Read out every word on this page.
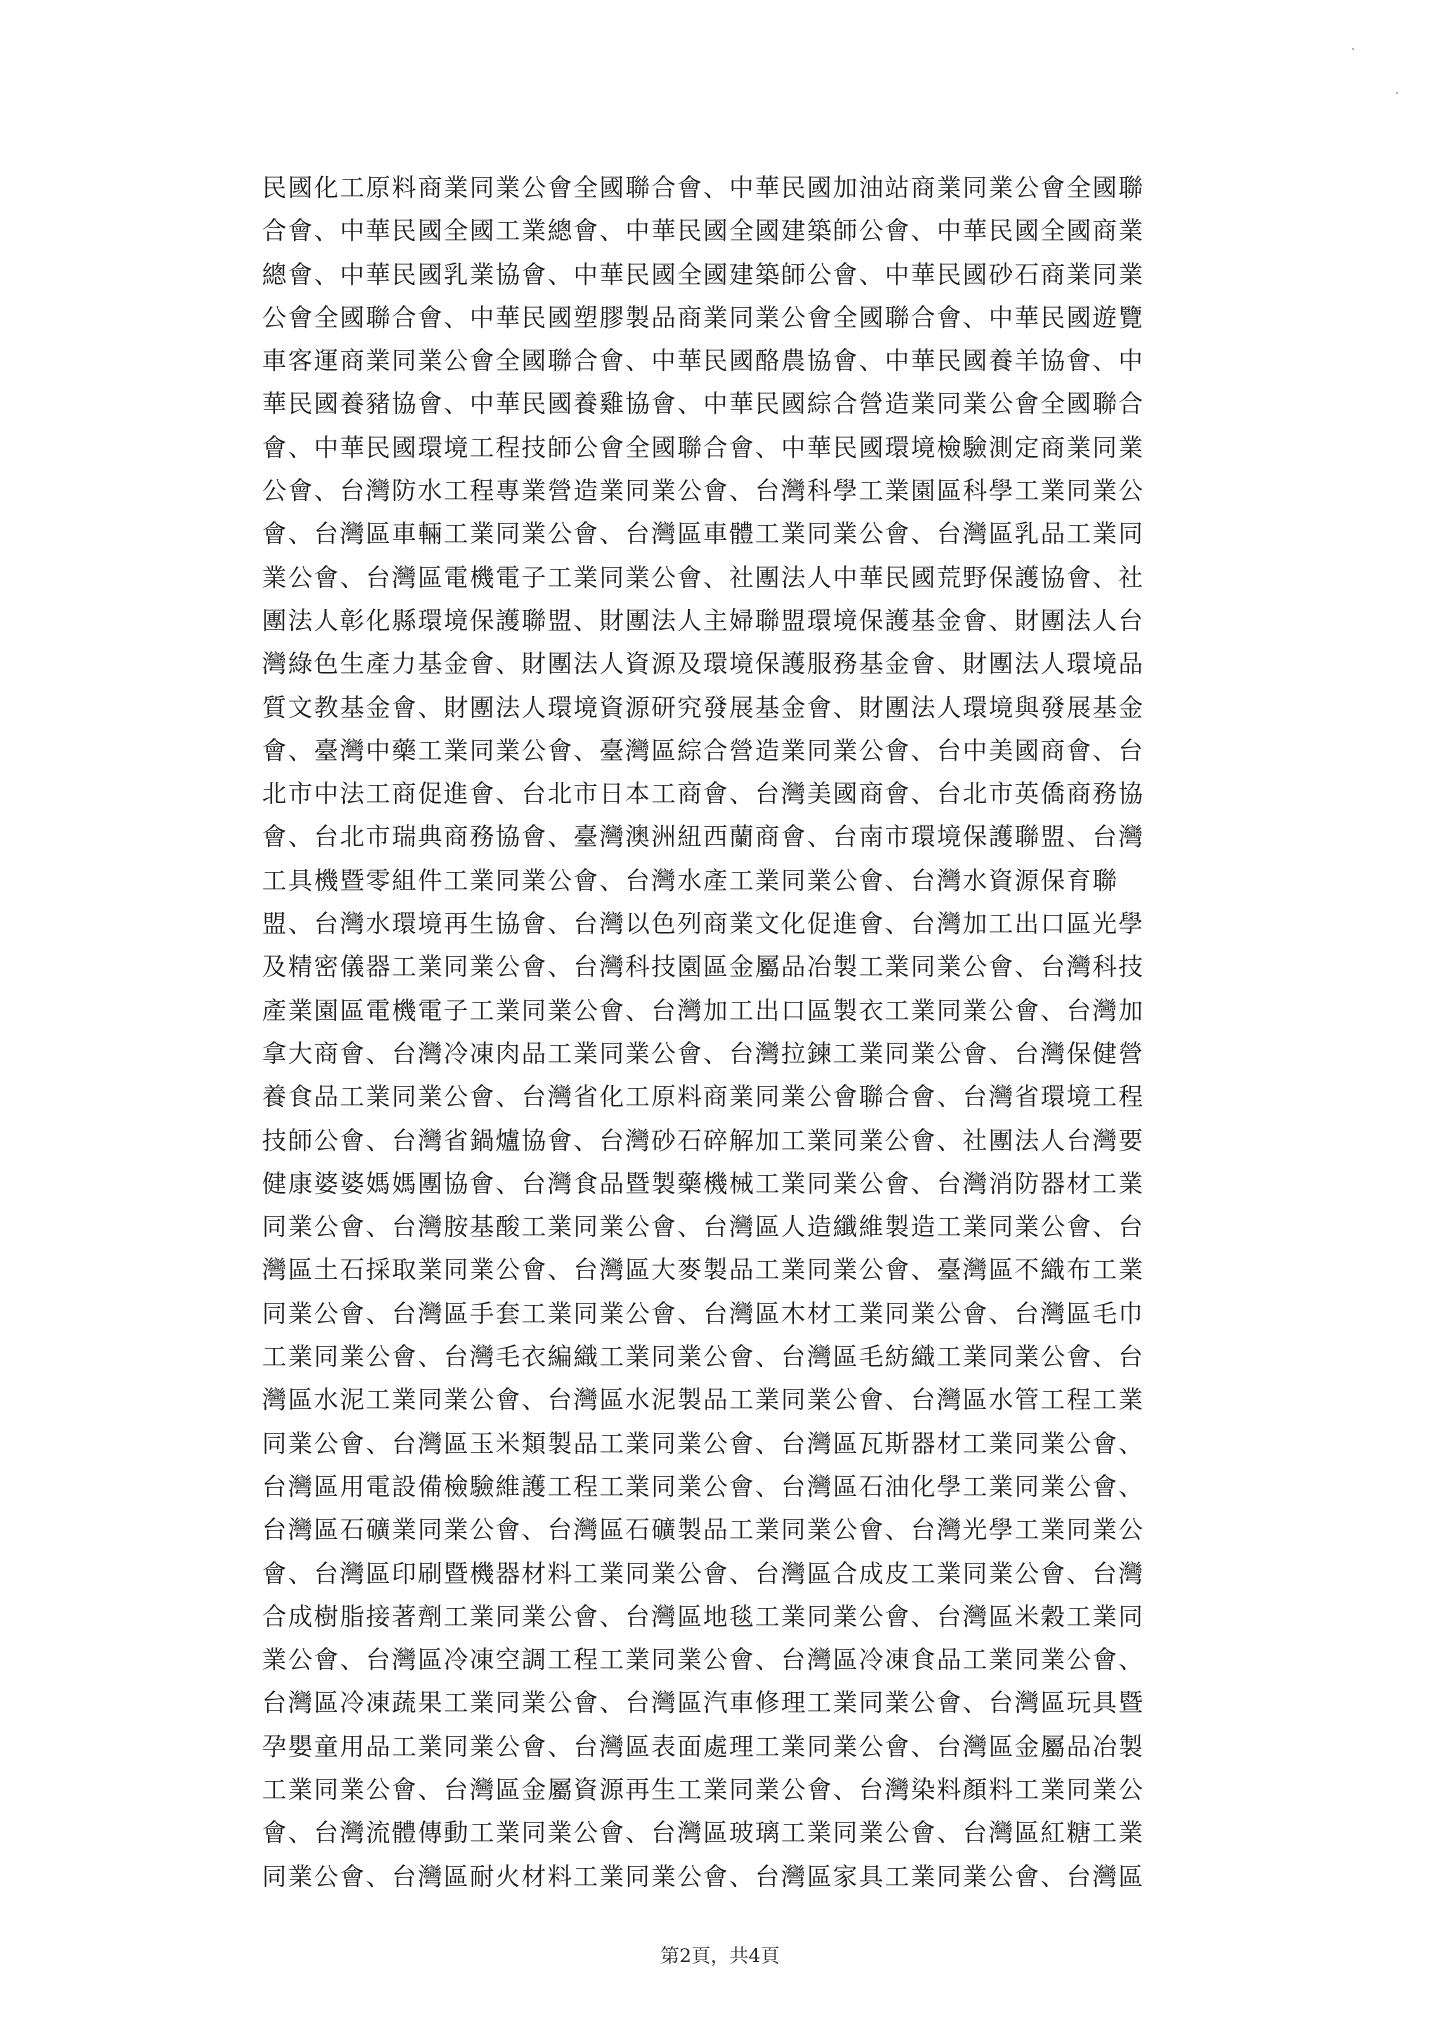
民國化工原料商業同業公會全國聯合會、中華民國加油站商業同業公會全國聯
合會、中華民國全國工業總會、中華民國全國建築師公會、中華民國全國商業
總會、中華民國乳業協會、中華民國全國建築師公會、中華民國砂石商業同業
公會全國聯合會、中華民國塑膠製品商業同業公會全國聯合會、中華民國遊覽
車客運商業同業公會全國聯合會、中華民國酪農協會、中華民國養羊協會、中
華民國養豬協會、中華民國養雞協會、中華民國綜合營造業同業公會全國聯合
會、中華民國環境工程技師公會全國聯合會、中華民國環境檢驗測定商業同業
公會、台灣防水工程專業營造業同業公會、台灣科學工業園區科學工業同業公
會、台灣區車輛工業同業公會、台灣區車體工業同業公會、台灣區乳品工業同
業公會、台灣區電機電子工業同業公會、社團法人中華民國荒野保護協會、社
團法人彰化縣環境保護聯盟、財團法人主婦聯盟環境保護基金會、財團法人台
灣綠色生產力基金會、財團法人資源及環境保護服務基金會、財團法人環境品
質文教基金會、財團法人環境資源研究發展基金會、財團法人環境與發展基金
會、臺灣中藥工業同業公會、臺灣區綜合營造業同業公會、台中美國商會、台
北市中法工商促進會、台北市日本工商會、台灣美國商會、台北市英僑商務協
會、台北市瑞典商務協會、臺灣澳洲紐西蘭商會、台南市環境保護聯盟、台灣
工具機暨零組件工業同業公會、台灣水產工業同業公會、台灣水資源保育聯
盟、台灣水環境再生協會、台灣以色列商業文化促進會、台灣加工出口區光學
及精密儀器工業同業公會、台灣科技園區金屬品冶製工業同業公會、台灣科技
產業園區電機電子工業同業公會、台灣加工出口區製衣工業同業公會、台灣加
拿大商會、台灣冷凍肉品工業同業公會、台灣拉鍊工業同業公會、台灣保健營
養食品工業同業公會、台灣省化工原料商業同業公會聯合會、台灣省環境工程
技師公會、台灣省鍋爐協會、台灣砂石碎解加工業同業公會、社團法人台灣要
健康婆婆媽媽團協會、台灣食品暨製藥機械工業同業公會、台灣消防器材工業
同業公會、台灣胺基酸工業同業公會、台灣區人造纖維製造工業同業公會、台
灣區土石採取業同業公會、台灣區大麥製品工業同業公會、臺灣區不織布工業
同業公會、台灣區手套工業同業公會、台灣區木材工業同業公會、台灣區毛巾
工業同業公會、台灣毛衣編織工業同業公會、台灣區毛紡織工業同業公會、台
灣區水泥工業同業公會、台灣區水泥製品工業同業公會、台灣區水管工程工業
同業公會、台灣區玉米類製品工業同業公會、台灣區瓦斯器材工業同業公會、
台灣區用電設備檢驗維護工程工業同業公會、台灣區石油化學工業同業公會、
台灣區石礦業同業公會、台灣區石礦製品工業同業公會、台灣光學工業同業公
會、台灣區印刷暨機器材料工業同業公會、台灣區合成皮工業同業公會、台灣
合成樹脂接著劑工業同業公會、台灣區地毯工業同業公會、台灣區米穀工業同
業公會、台灣區冷凍空調工程工業同業公會、台灣區冷凍食品工業同業公會、
台灣區冷凍蔬果工業同業公會、台灣區汽車修理工業同業公會、台灣區玩具暨
孕嬰童用品工業同業公會、台灣區表面處理工業同業公會、台灣區金屬品冶製
工業同業公會、台灣區金屬資源再生工業同業公會、台灣染料顏料工業同業公
會、台灣流體傳動工業同業公會、台灣區玻璃工業同業公會、台灣區紅糖工業
同業公會、台灣區耐火材料工業同業公會、台灣區家具工業同業公會、台灣區
第2頁，共4頁
